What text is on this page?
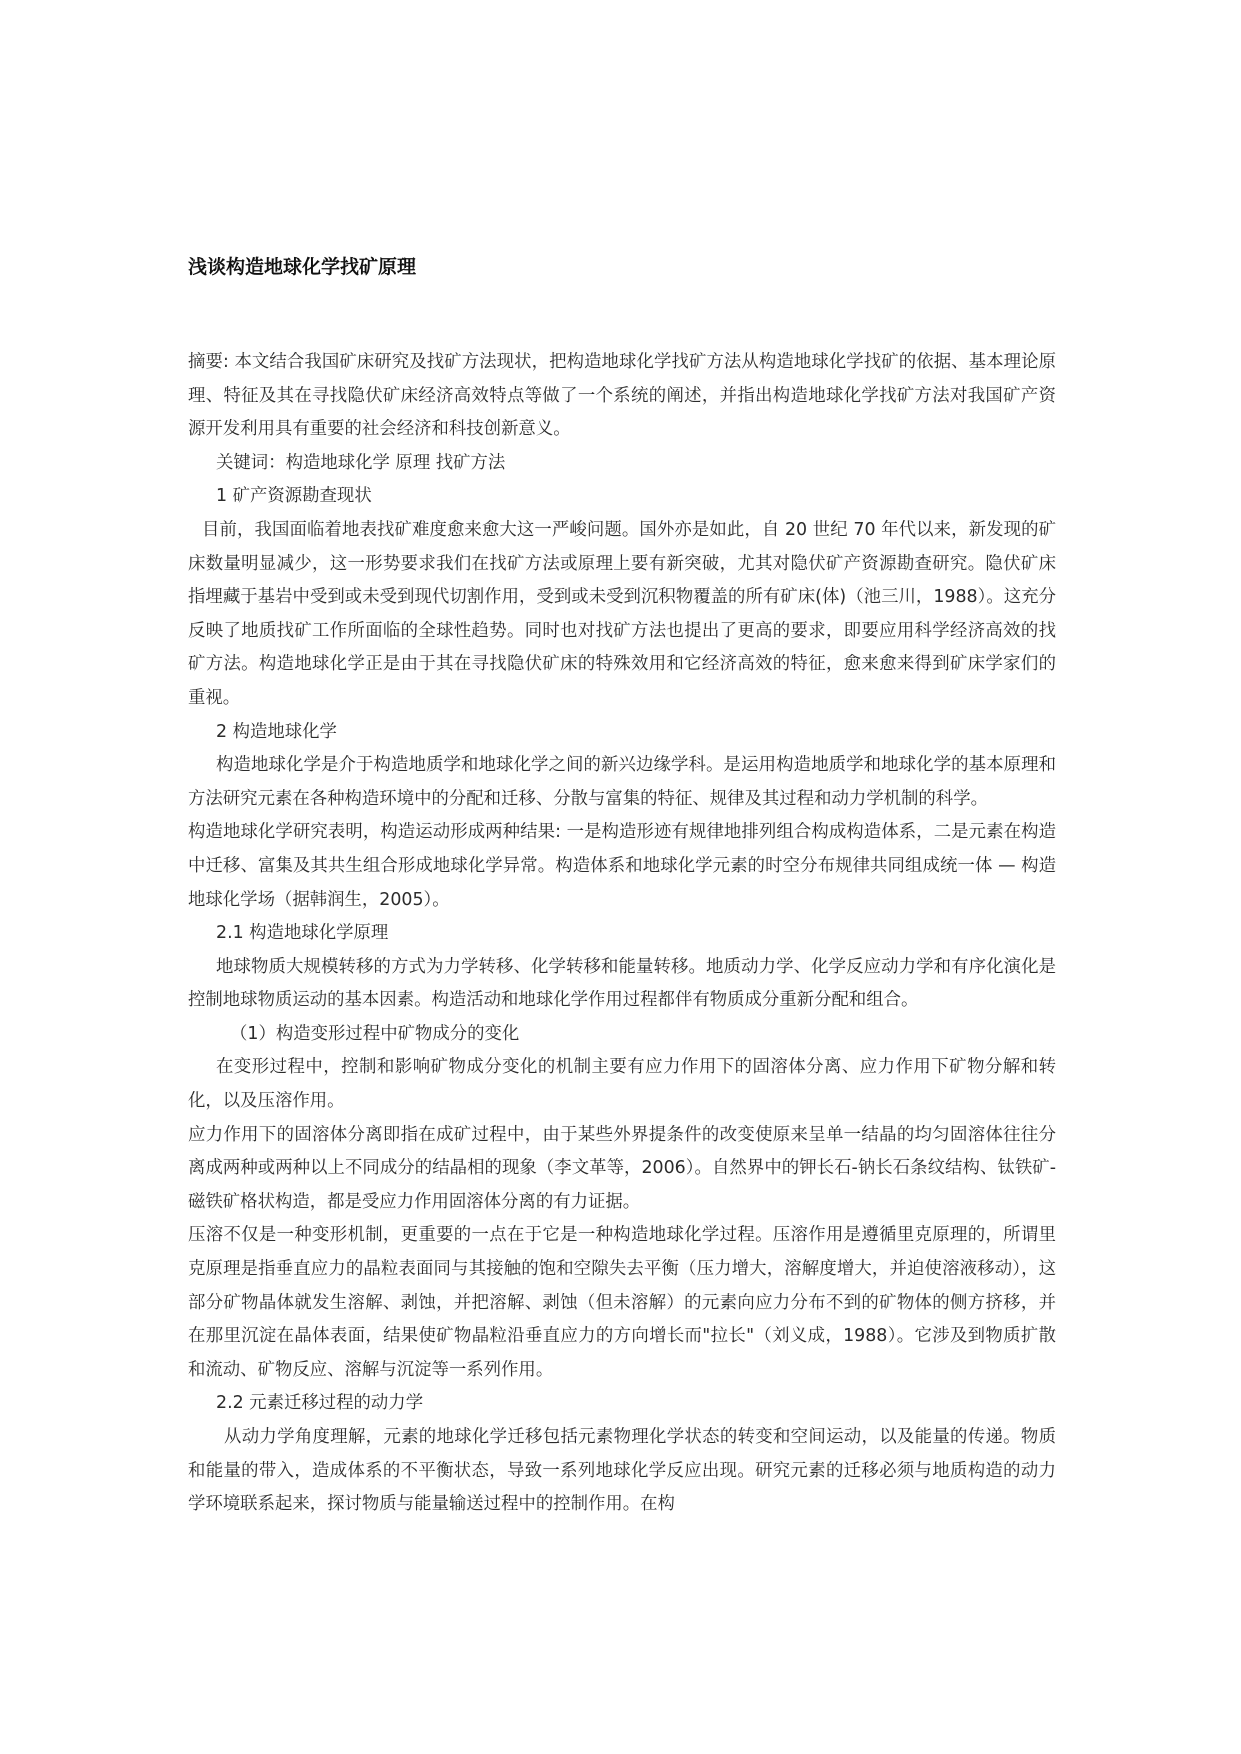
浅谈构造地球化学找矿原理

摘要: 本文结合我国矿床研究及找矿方法现状，把构造地球化学找矿方法从构造地球化学找矿的依据、基本理论原理、特征及其在寻找隐伏矿床经济高效特点等做了一个系统的阐述，并指出构造地球化学找矿方法对我国矿产资源开发利用具有重要的社会经济和科技创新意义。

关键词：构造地球化学 原理 找矿方法

1 矿产资源勘查现状

目前，我国面临着地表找矿难度愈来愈大这一严峻问题。国外亦是如此，自 20 世纪 70 年代以来，新发现的矿床数量明显减少，这一形势要求我们在找矿方法或原理上要有新突破，尤其对隐伏矿产资源勘查研究。隐伏矿床指埋藏于基岩中受到或未受到现代切割作用，受到或未受到沉积物覆盖的所有矿床(体)（池三川，1988）。这充分反映了地质找矿工作所面临的全球性趋势。同时也对找矿方法也提出了更高的要求，即要应用科学经济高效的找矿方法。构造地球化学正是由于其在寻找隐伏矿床的特殊效用和它经济高效的特征，愈来愈来得到矿床学家们的重视。

2 构造地球化学

构造地球化学是介于构造地质学和地球化学之间的新兴边缘学科。是运用构造地质学和地球化学的基本原理和方法研究元素在各种构造环境中的分配和迁移、分散与富集的特征、规律及其过程和动力学机制的科学。

构造地球化学研究表明，构造运动形成两种结果: 一是构造形迹有规律地排列组合构成构造体系，二是元素在构造中迁移、富集及其共生组合形成地球化学异常。构造体系和地球化学元素的时空分布规律共同组成统一体 — 构造地球化学场（据韩润生，2005）。

2.1 构造地球化学原理

地球物质大规模转移的方式为力学转移、化学转移和能量转移。地质动力学、化学反应动力学和有序化演化是控制地球物质运动的基本因素。构造活动和地球化学作用过程都伴有物质成分重新分配和组合。

（1）构造变形过程中矿物成分的变化

在变形过程中，控制和影响矿物成分变化的机制主要有应力作用下的固溶体分离、应力作用下矿物分解和转化，以及压溶作用。

应力作用下的固溶体分离即指在成矿过程中，由于某些外界提条件的改变使原来呈单一结晶的均匀固溶体往往分离成两种或两种以上不同成分的结晶相的现象（李文革等，2006）。自然界中的钾长石-钠长石条纹结构、钛铁矿-磁铁矿格状构造，都是受应力作用固溶体分离的有力证据。

压溶不仅是一种变形机制，更重要的一点在于它是一种构造地球化学过程。压溶作用是遵循里克原理的，所谓里克原理是指垂直应力的晶粒表面同与其接触的饱和空隙失去平衡（压力增大，溶解度增大，并迫使溶液移动），这部分矿物晶体就发生溶解、剥蚀，并把溶解、剥蚀（但未溶解）的元素向应力分布不到的矿物体的侧方挤移，并在那里沉淀在晶体表面，结果使矿物晶粒沿垂直应力的方向增长而"拉长"（刘义成，1988）。它涉及到物质扩散和流动、矿物反应、溶解与沉淀等一系列作用。

2.2 元素迁移过程的动力学

从动力学角度理解，元素的地球化学迁移包括元素物理化学状态的转变和空间运动，以及能量的传递。物质和能量的带入，造成体系的不平衡状态，导致一系列地球化学反应出现。研究元素的迁移必须与地质构造的动力学环境联系起来，探讨物质与能量输送过程中的控制作用。在构
